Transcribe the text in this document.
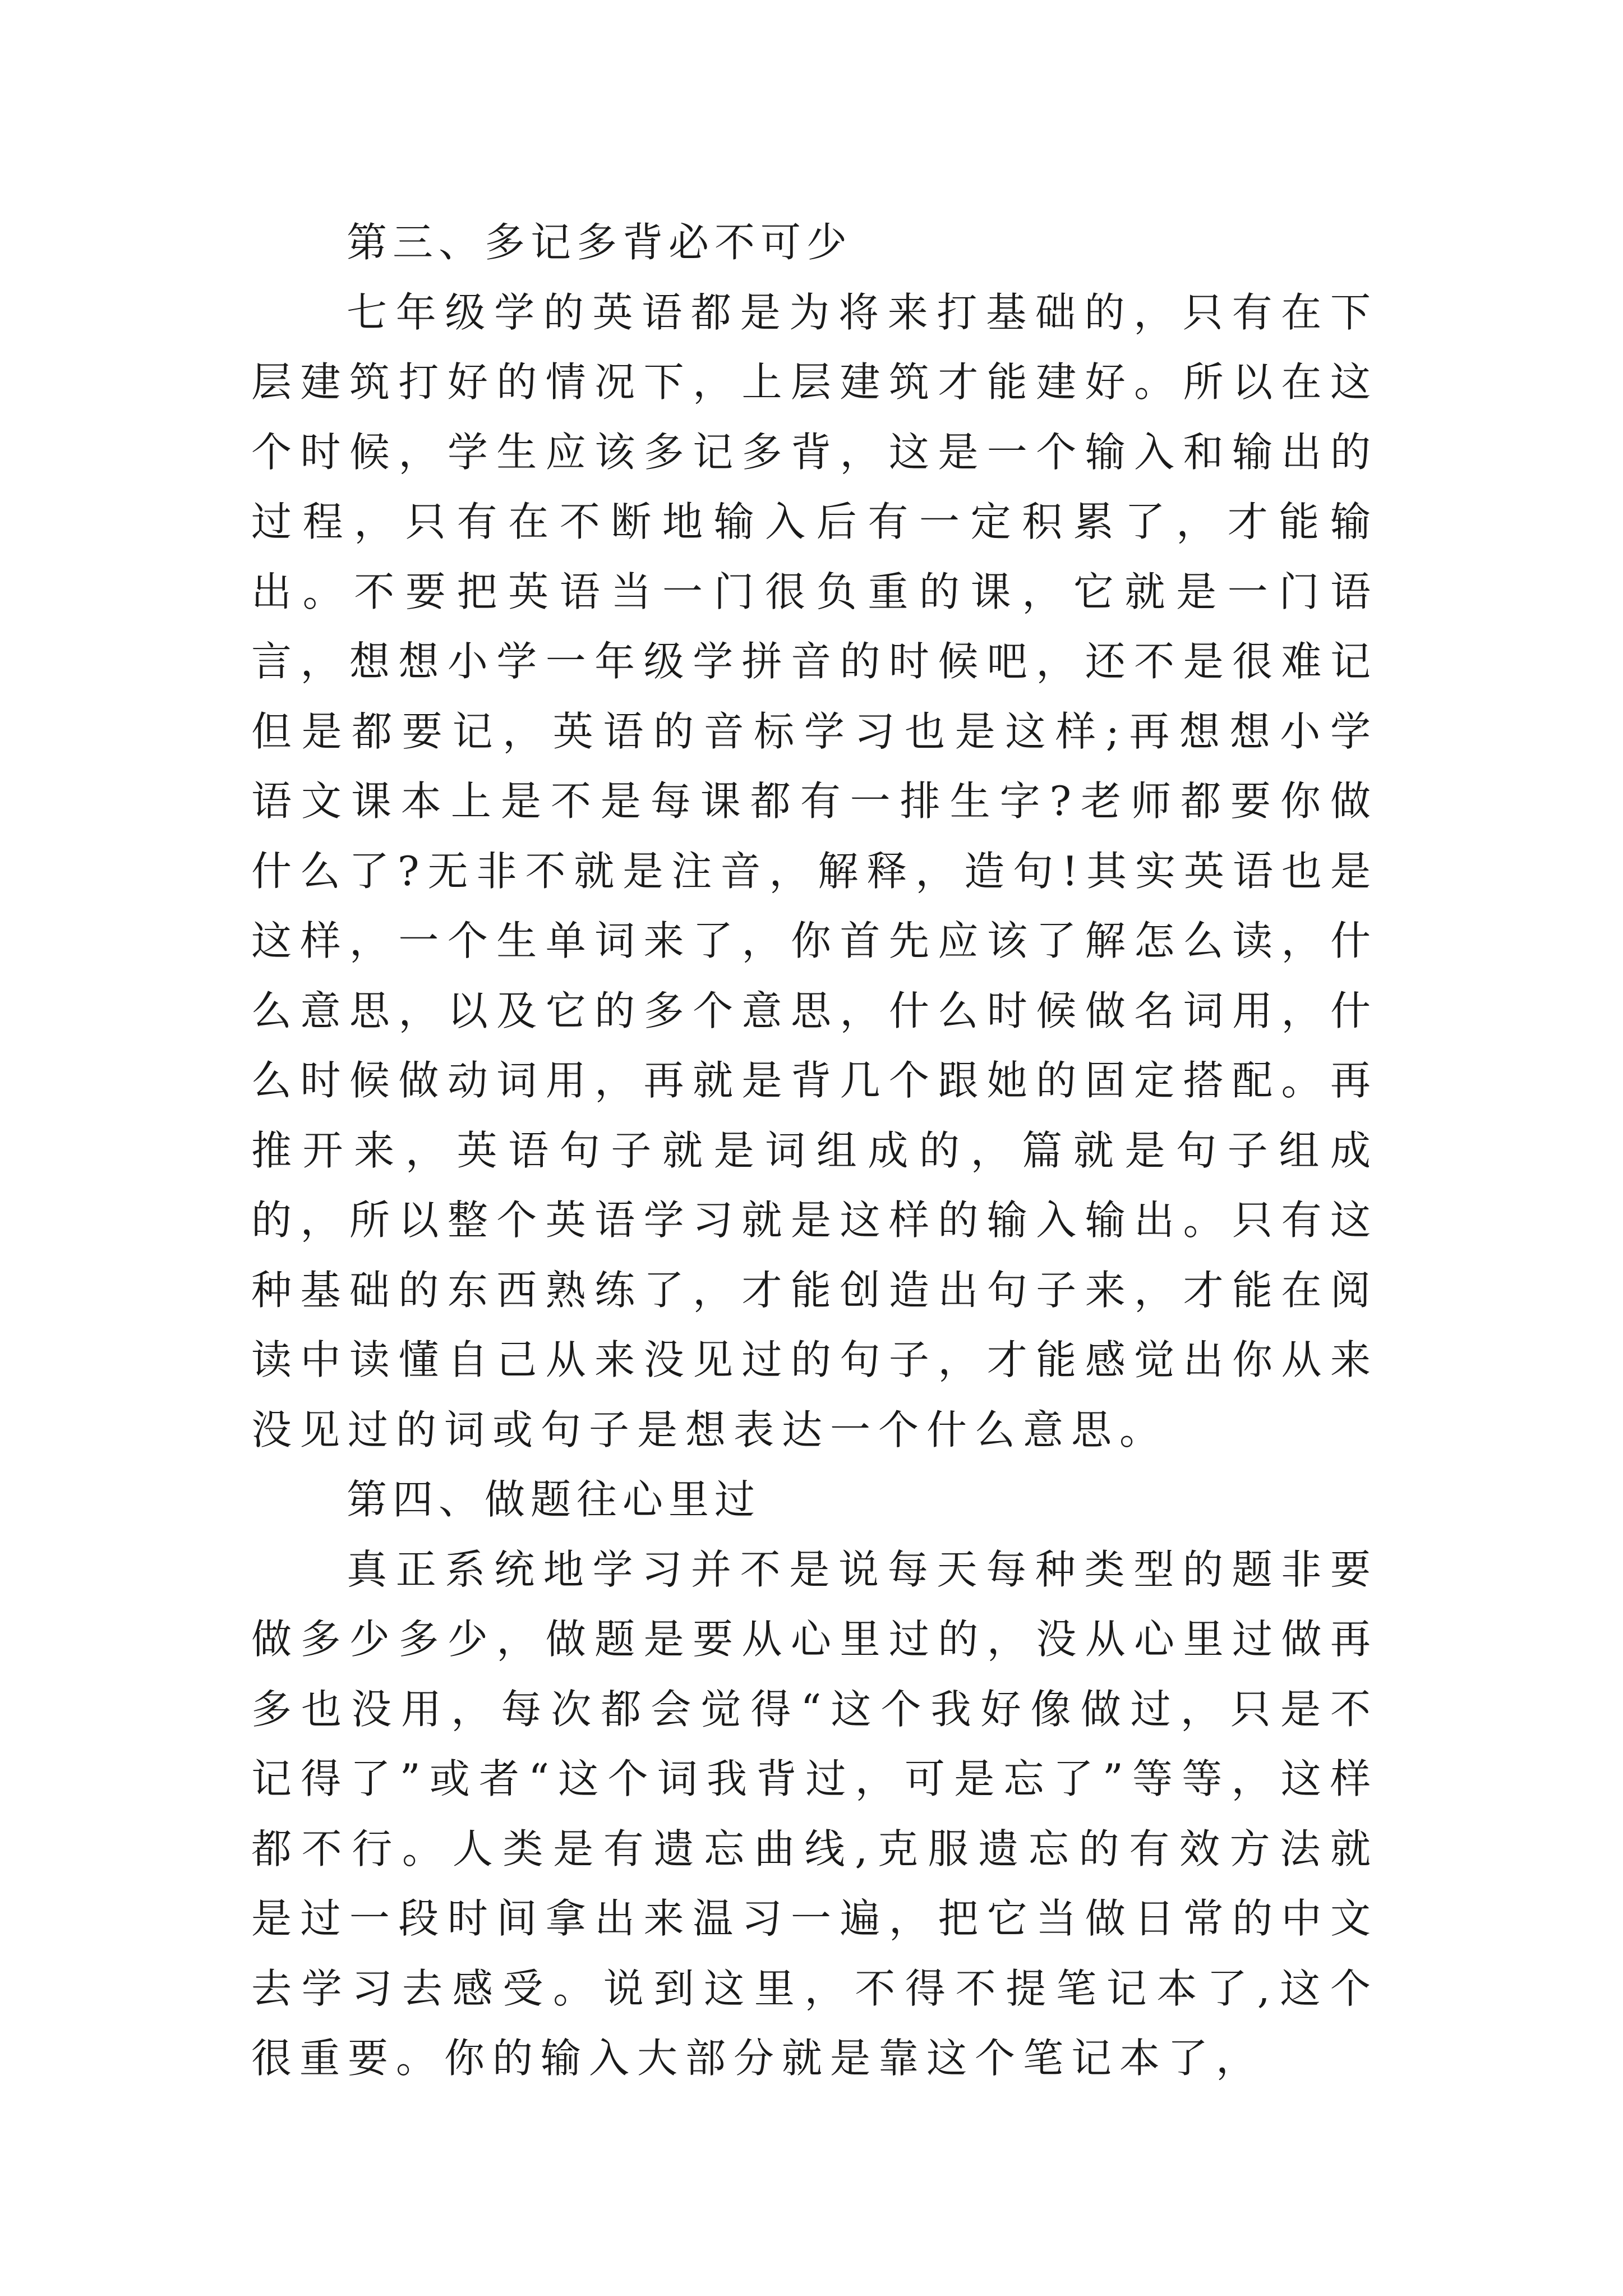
第三、多记多背必不可少

七年级学的英语都是为将来打基础的，只有在下层建筑打好的情况下，上层建筑才能建好。所以在这个时候，学生应该多记多背，这是一个输入和输出的过程，只有在不断地输入后有一定积累了，才能输出。不要把英语当一门很负重的课，它就是一门语言，想想小学一年级学拼音的时候吧，还不是很难记但是都要记，英语的音标学习也是这样;再想想小学语文课本上是不是每课都有一排生字?老师都要你做什么了?无非不就是注音，解释，造句!其实英语也是这样，一个生单词来了，你首先应该了解怎么读，什么意思，以及它的多个意思，什么时候做名词用，什么时候做动词用，再就是背几个跟她的固定搭配。再推开来，英语句子就是词组成的，篇就是句子组成的，所以整个英语学习就是这样的输入输出。只有这种基础的东西熟练了，才能创造出句子来，才能在阅读中读懂自己从来没见过的句子，才能感觉出你从来没见过的词或句子是想表达一个什么意思。

第四、做题往心里过

真正系统地学习并不是说每天每种类型的题非要做多少多少，做题是要从心里过的，没从心里过做再多也没用，每次都会觉得“这个我好像做过，只是不记得了”或者“这个词我背过，可是忘了”等等，这样都不行。人类是有遗忘曲线,克服遗忘的有效方法就是过一段时间拿出来温习一遍，把它当做日常的中文去学习去感受。说到这里，不得不提笔记本了,这个很重要。你的输入大部分就是靠这个笔记本了，
